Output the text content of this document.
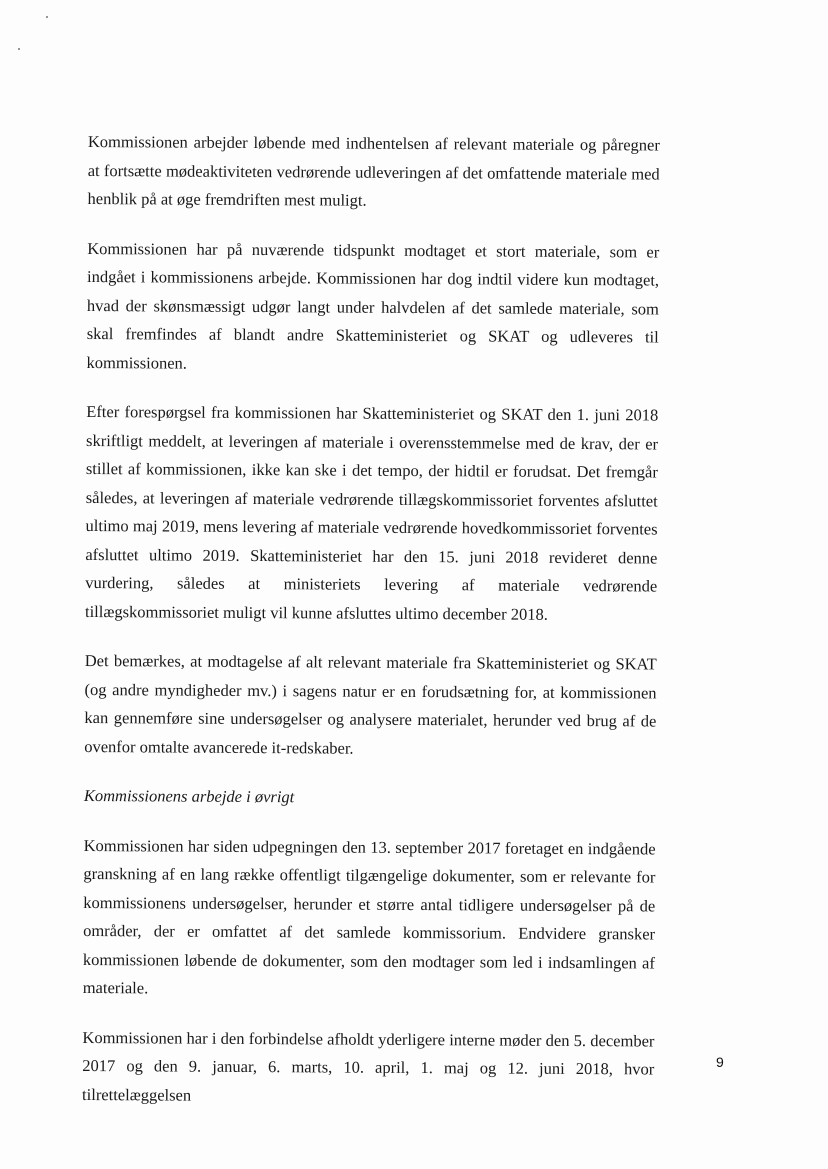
Kommissionen arbejder løbende med indhentelsen af relevant materiale og påregner at fortsætte mødeaktiviteten vedrørende udleveringen af det omfattende materiale med henblik på at øge fremdriften mest muligt.

Kommissionen har på nuværende tidspunkt modtaget et stort materiale, som er indgået i kommissionens arbejde. Kommissionen har dog indtil videre kun modtaget, hvad der skønsmæssigt udgør langt under halvdelen af det samlede materiale, som skal fremfindes af blandt andre Skatteministeriet og SKAT og udleveres til kommissionen.

Efter forespørgsel fra kommissionen har Skatteministeriet og SKAT den 1. juni 2018 skriftligt meddelt, at leveringen af materiale i overensstemmelse med de krav, der er stillet af kommissionen, ikke kan ske i det tempo, der hidtil er forudsat. Det fremgår således, at leveringen af materiale vedrørende tillægskommissoriet forventes afsluttet ultimo maj 2019, mens levering af materiale vedrørende hovedkommissoriet forventes afsluttet ultimo 2019. Skatteministeriet har den 15. juni 2018 revideret denne vurdering, således at ministeriets levering af materiale vedrørende tillægskommissoriet muligt vil kunne afsluttes ultimo december 2018.

Det bemærkes, at modtagelse af alt relevant materiale fra Skatteministeriet og SKAT (og andre myndigheder mv.) i sagens natur er en forudsætning for, at kommissionen kan gennemføre sine undersøgelser og analysere materialet, herunder ved brug af de ovenfor omtalte avancerede it-redskaber.

Kommissionens arbejde i øvrigt

Kommissionen har siden udpegningen den 13. september 2017 foretaget en indgående granskning af en lang række offentligt tilgængelige dokumenter, som er relevante for kommissionens undersøgelser, herunder et større antal tidligere undersøgelser på de områder, der er omfattet af det samlede kommissorium. Endvidere gransker kommissionen løbende de dokumenter, som den modtager som led i indsamlingen af materiale.

Kommissionen har i den forbindelse afholdt yderligere interne møder den 5. december 2017 og den 9. januar, 6. marts, 10. april, 1. maj og 12. juni 2018, hvor tilrettelæggelsen

9
